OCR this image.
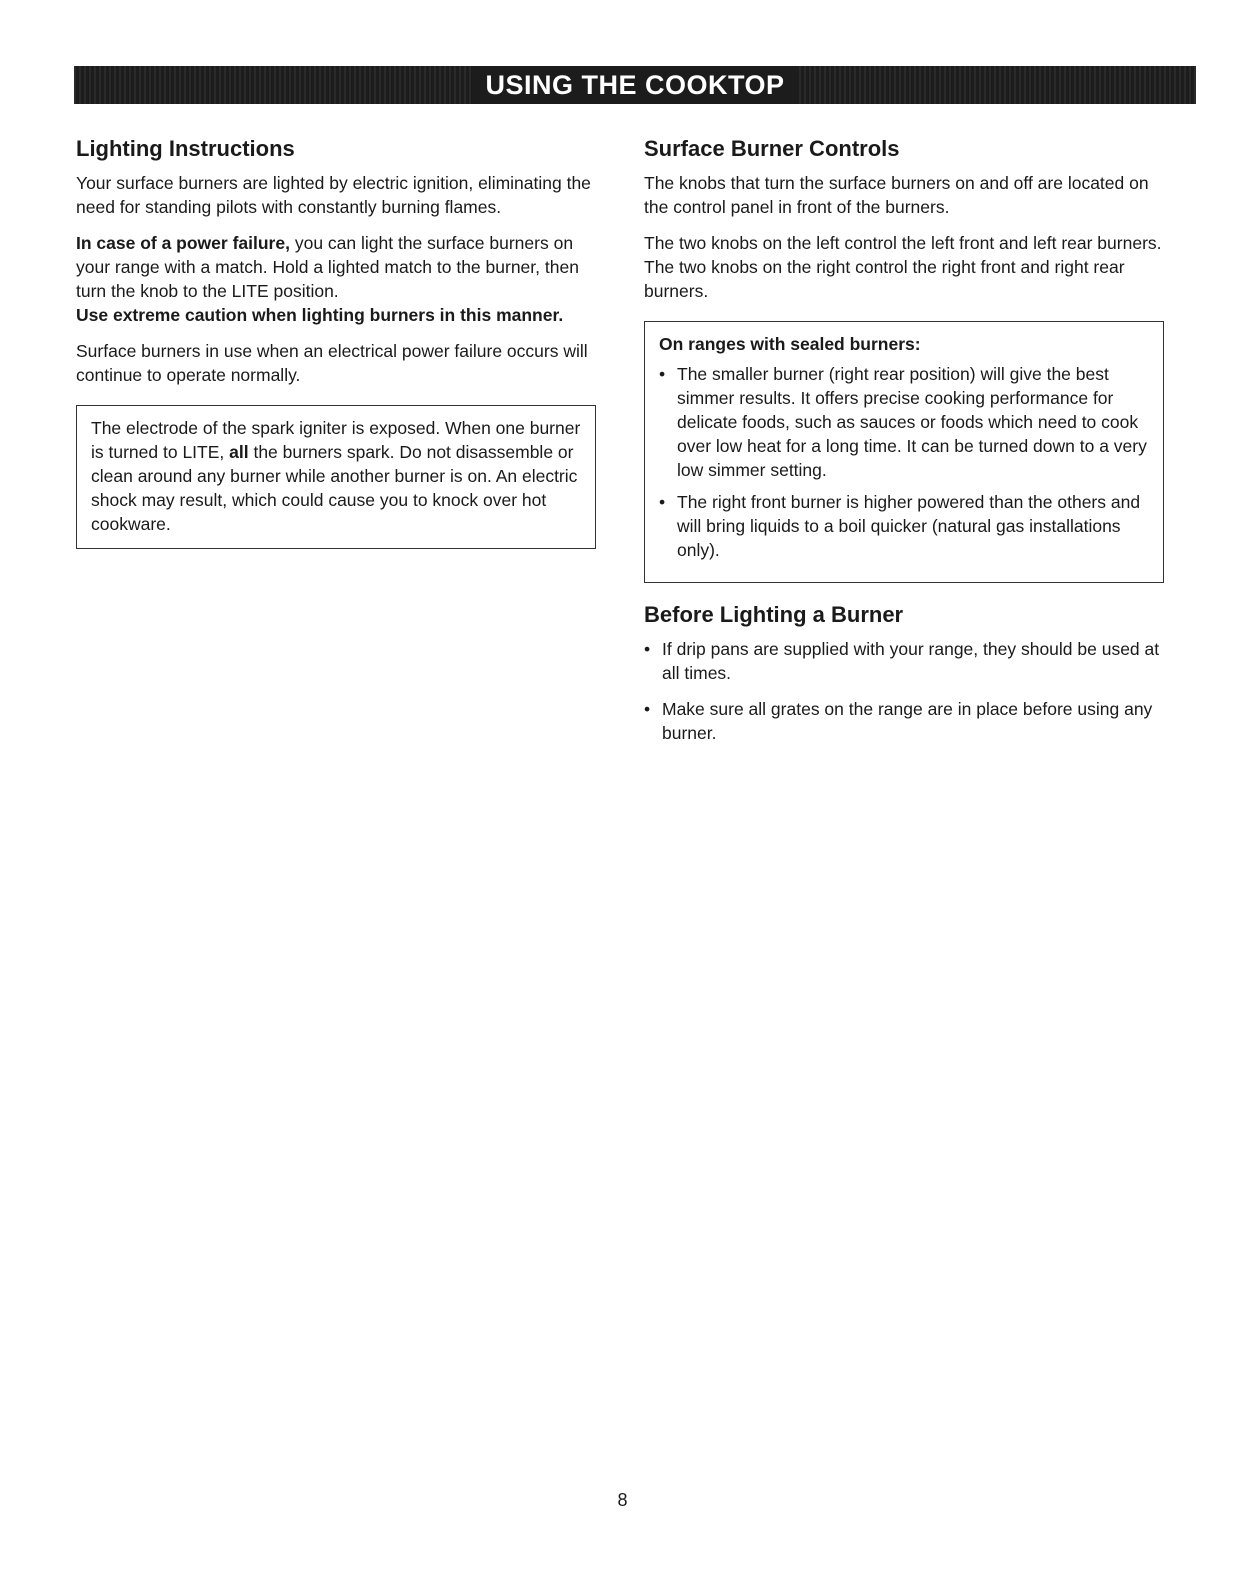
USING THE COOKTOP
Lighting Instructions

Your surface burners are lighted by electric ignition, eliminating the need for standing pilots with constantly burning flames.

In case of a power failure, you can light the surface burners on your range with a match. Hold a lighted match to the burner, then turn the knob to the LITE position.
Use extreme caution when lighting burners in this manner.

Surface burners in use when an electrical power failure occurs will continue to operate normally.

The electrode of the spark igniter is exposed. When one burner is turned to LITE, all the burners spark. Do not disassemble or clean around any burner while another burner is on. An electric shock may result, which could cause you to knock over hot cookware.

Surface Burner Controls

The knobs that turn the surface burners on and off are located on the control panel in front of the burners.

The two knobs on the left control the left front and left rear burners. The two knobs on the right control the right front and right rear burners.

On ranges with sealed burners:
• The smaller burner (right rear position) will give the best simmer results. It offers precise cooking performance for delicate foods, such as sauces or foods which need to cook over low heat for a long time. It can be turned down to a very low simmer setting.
• The right front burner is higher powered than the others and will bring liquids to a boil quicker (natural gas installations only).
Before Lighting a Burner
• If drip pans are supplied with your range, they should be used at all times.
• Make sure all grates on the range are in place before using any burner.
8
